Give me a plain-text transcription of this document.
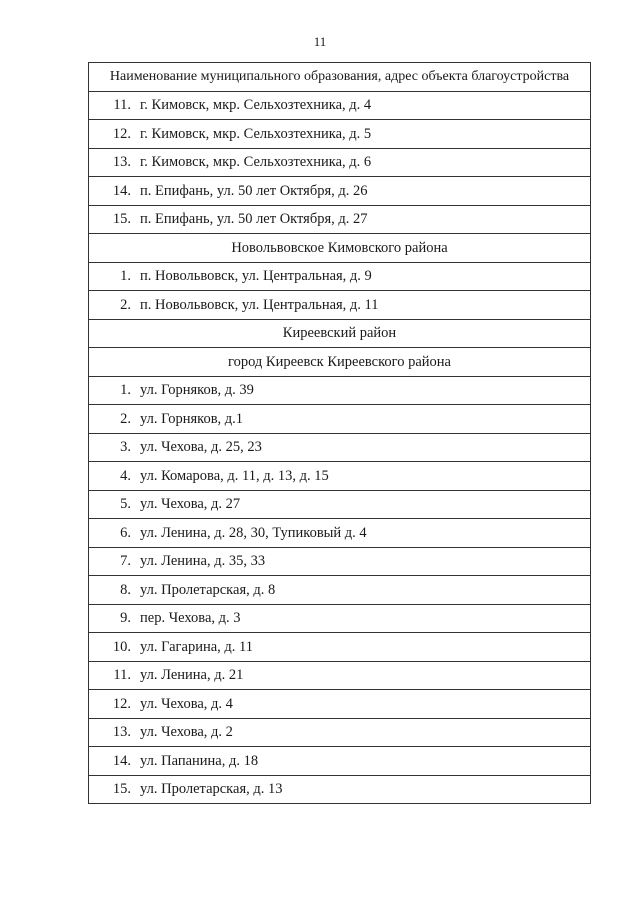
11
Наименование муниципального образования, адрес объекта благоустройства
11. г. Кимовск, мкр. Сельхозтехника, д. 4
12. г. Кимовск, мкр. Сельхозтехника, д. 5
13. г. Кимовск, мкр. Сельхозтехника, д. 6
14. п. Епифань, ул. 50 лет Октября, д. 26
15. п. Епифань, ул. 50 лет Октября, д. 27
Новольвовское Кимовского района
1. п. Новольвовск, ул. Центральная, д. 9
2. п. Новольвовск, ул. Центральная, д. 11
Киреевский район
город Киреевск Киреевского района
1. ул. Горняков, д. 39
2. ул. Горняков, д.1
3. ул. Чехова, д. 25, 23
4. ул. Комарова, д. 11, д. 13, д. 15
5. ул. Чехова, д. 27
6. ул. Ленина, д. 28, 30, Тупиковый д. 4
7. ул. Ленина, д. 35, 33
8. ул. Пролетарская, д. 8
9. пер. Чехова, д. 3
10. ул. Гагарина, д. 11
11. ул. Ленина, д. 21
12. ул. Чехова, д. 4
13. ул. Чехова, д. 2
14. ул. Папанина, д. 18
15. ул. Пролетарская, д. 13
